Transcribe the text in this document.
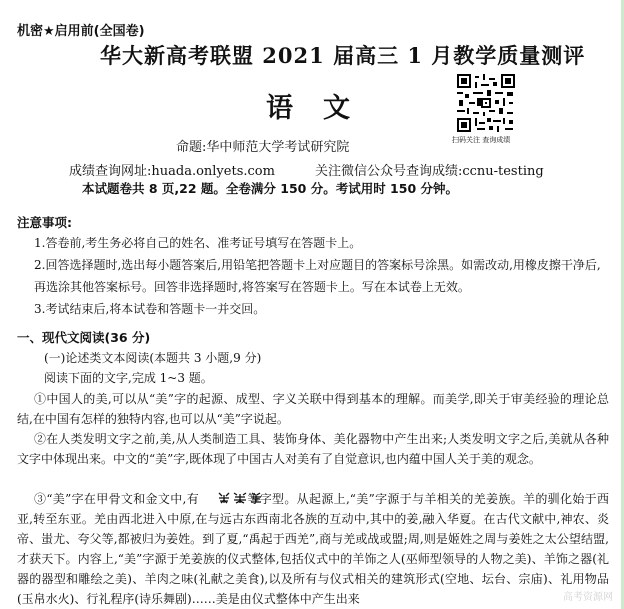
机密★启用前(全国卷)
华大新高考联盟 2021 届高三 1 月教学质量测评
语文
扫码关注 查询成绩
命题:华中师范大学考试研究院
成绩查询网址:huada.onlyets.com	关注微信公众号查询成绩:ccnu-testing
本试题卷共 8 页,22 题。全卷满分 150 分。考试用时 150 分钟。
注意事项:
1.答卷前,考生务必将自己的姓名、准考证号填写在答题卡上。
2.回答选择题时,选出每小题答案后,用铅笔把答题卡上对应题目的答案标号涂黑。如需改动,用橡皮擦干净后,再选涂其他答案标号。回答非选择题时,将答案写在答题卡上。写在本试卷上无效。
3.考试结束后,将本试卷和答题卡一并交回。
一、现代文阅读(36 分)
(一)论述类文本阅读(本题共 3 小题,9 分)
阅读下面的文字,完成 1~3 题。
①中国人的美,可以从“美”字的起源、成型、字义关联中得到基本的理解。而美学,即关于审美经验的理论总结,在中国有怎样的独特内容,也可以从“美”字说起。
②在人类发明文字之前,美,从人类制造工具、装饰身体、美化器物中产生出来;人类发明文字之后,美就从各种文字中体现出来。中文的“美”字,既体现了中国古人对美有了自觉意识,也内蕴中国人关于美的观念。
③“美”字在甲骨文和金文中,有	等字型。从起源上,“美”字源于与羊相关的羌姜族。羊的驯化始于西亚,转至东亚。羌由西北进入中原,在与远古东西南北各族的互动中,其中的姜,融入华夏。在古代文献中,神农、炎帝、蚩尤、夸父等,都被归为姜姓。到了夏,“禹起于西羌”,商与羌或战或盟;周,则是姬姓之周与姜姓之太公望结盟,才获天下。内容上,“美”字源于羌姜族的仪式整体,包括仪式中的羊饰之人(巫师型领导的人物之美)、羊饰之器(礼器的器型和雕绘之美)、羊肉之味(礼献之美食),以及所有与仪式相关的建筑形式(空地、坛台、宗庙)、礼用物品(玉帛水火)、行礼程序(诗乐舞剧)……美是由仪式整体中产生出来	高考资源网
